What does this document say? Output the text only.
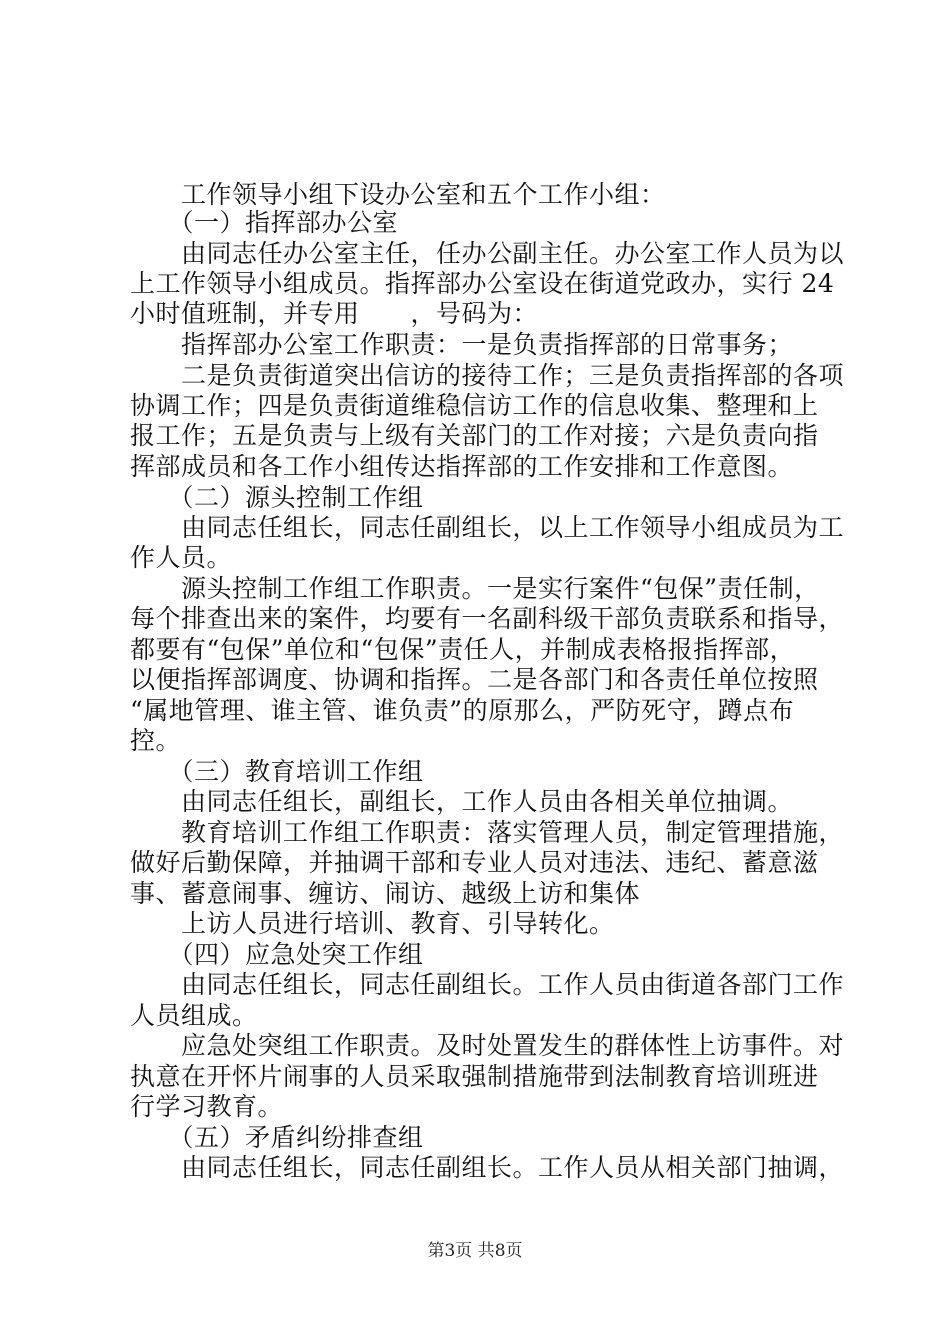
　　工作领导小组下设办公室和五个工作小组：
　　（一）指挥部办公室
　　由同志任办公室主任，任办公副主任。办公室工作人员为以
上工作领导小组成员。指挥部办公室设在街道党政办，实行 24
小时值班制，并专用　　，号码为：
　　指挥部办公室工作职责：一是负责指挥部的日常事务；
　　二是负责街道突出信访的接待工作；三是负责指挥部的各项
协调工作；四是负责街道维稳信访工作的信息收集、整理和上
报工作；五是负责与上级有关部门的工作对接；六是负责向指
挥部成员和各工作小组传达指挥部的工作安排和工作意图。
　　（二）源头控制工作组
　　由同志任组长，同志任副组长，以上工作领导小组成员为工
作人员。
　　源头控制工作组工作职责。一是实行案件“包保”责任制，
每个排查出来的案件，均要有一名副科级干部负责联系和指导，
都要有“包保”单位和“包保”责任人，并制成表格报指挥部，
以便指挥部调度、协调和指挥。二是各部门和各责任单位按照
“属地管理、谁主管、谁负责”的原那么，严防死守，蹲点布
控。
　　（三）教育培训工作组
　　由同志任组长，副组长，工作人员由各相关单位抽调。
　　教育培训工作组工作职责：落实管理人员，制定管理措施，
做好后勤保障，并抽调干部和专业人员对违法、违纪、蓄意滋
事、蓄意闹事、缠访、闹访、越级上访和集体
　　上访人员进行培训、教育、引导转化。
　　（四）应急处突工作组
　　由同志任组长，同志任副组长。工作人员由街道各部门工作
人员组成。
　　应急处突组工作职责。及时处置发生的群体性上访事件。对
执意在开怀片闹事的人员采取强制措施带到法制教育培训班进
行学习教育。
　　（五）矛盾纠纷排查组
　　由同志任组长，同志任副组长。工作人员从相关部门抽调，
第3页 共8页
